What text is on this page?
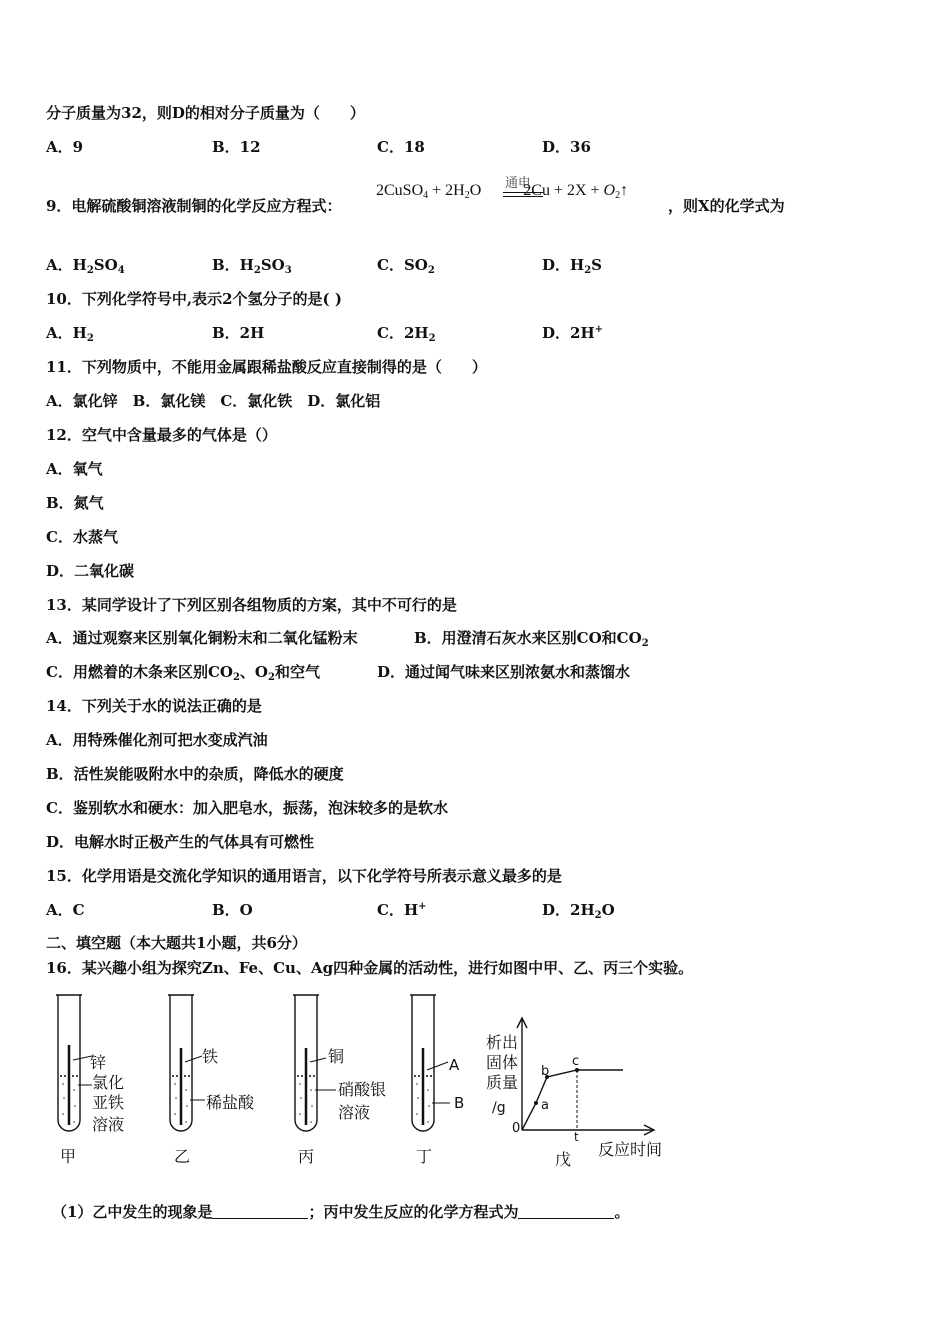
分子质量为32，则D的相对分子质量为（　　）
A．9	B．12	C．18	D．36
9．电解硫酸铜溶液制铜的化学反应方程式：
通电
2CuSO$_4$ + $2H_2O$	$2Cu + 2X + O_2↑$
，则X的化学式为
A．$H_2SO_4$	B．$H_2SO_3$	C．$SO_2$	D．$H_2S$
10．下列化学符号中,表示2个氢分子的是( )
A．$H_2$	B．2H	C．$2H_2$	D．2H+
11．下列物质中，不能用金属跟稀盐酸反应直接制得的是（　　）
A．氯化锌　B．氯化镁　C．氯化铁　D．氯化铝
12．空气中含量最多的气体是（）
A．氧气
B．氮气
C．水蒸气
D．二氧化碳
13．某同学设计了下列区别各组物质的方案，其中不可行的是
A．通过观察来区别氧化铜粉末和二氧化锰粉末	B．用澄清石灰水来区别CO和$CO_2$
C．用燃着的木条来区别$CO_2$、$O_2$和空气	D．通过闻气味来区别浓氨水和蒸馏水
14．下列关于水的说法正确的是
A．用特殊催化剂可把水变成汽油
B．活性炭能吸附水中的杂质，降低水的硬度
C．鉴别软水和硬水：加入肥皂水，振荡，泡沫较多的是软水
D．电解水时正极产生的气体具有可燃性
15．化学用语是交流化学知识的通用语言，以下化学符号所表示意义最多的是
A．C	B．O	C．H+	D．$2H_2O$
二、填空题（本大题共1小题，共6分）
16．某兴趣小组为探究Zn、Fe、Cu、Ag四种金属的活动性，进行如图中甲、乙、丙三个实验。
锌
氯化
亚铁
溶液
甲
铁
稀盐酸
乙
铜
硝酸银
溶液
丙
A
B
丁
析出
固体
质量
/g
0
反应时间
戊
a
b
c
t
（1）乙中发生的现象是	；丙中发生反应的化学方程式为	。
